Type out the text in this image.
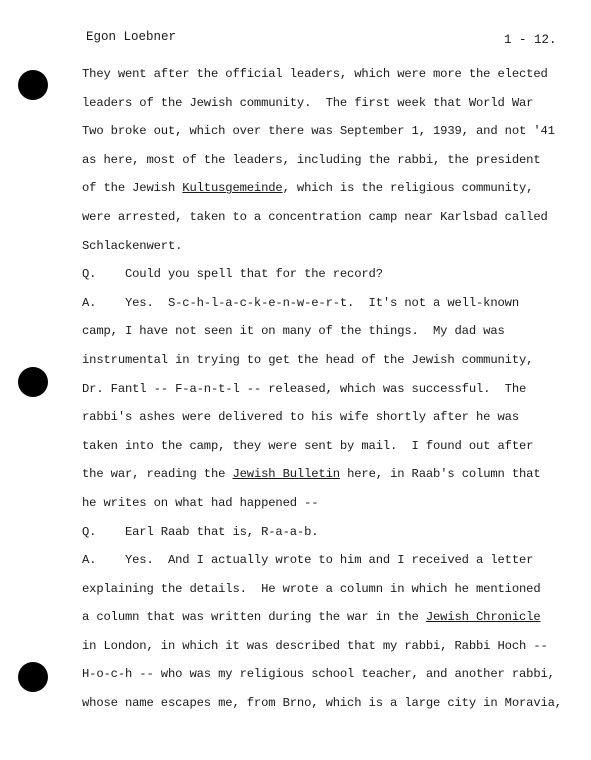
Egon Loebner	1 - 12.
They went after the official leaders, which were more the elected
leaders of the Jewish community.  The first week that World War
Two broke out, which over there was September 1, 1939, and not '41
as here, most of the leaders, including the rabbi, the president
of the Jewish Kultusgemeinde, which is the religious community,
were arrested, taken to a concentration camp near Karlsbad called
Schlackenwert.
Q.    Could you spell that for the record?
A.    Yes.  S-c-h-l-a-c-k-e-n-w-e-r-t.  It's not a well-known
camp, I have not seen it on many of the things.  My dad was
instrumental in trying to get the head of the Jewish community,
Dr. Fantl -- F-a-n-t-l -- released, which was successful.  The
rabbi's ashes were delivered to his wife shortly after he was
taken into the camp, they were sent by mail.  I found out after
the war, reading the Jewish Bulletin here, in Raab's column that
he writes on what had happened --
Q.    Earl Raab that is, R-a-a-b.
A.    Yes.  And I actually wrote to him and I received a letter
explaining the details.  He wrote a column in which he mentioned
a column that was written during the war in the Jewish Chronicle
in London, in which it was described that my rabbi, Rabbi Hoch --
H-o-c-h -- who was my religious school teacher, and another rabbi,
whose name escapes me, from Brno, which is a large city in Moravia,
